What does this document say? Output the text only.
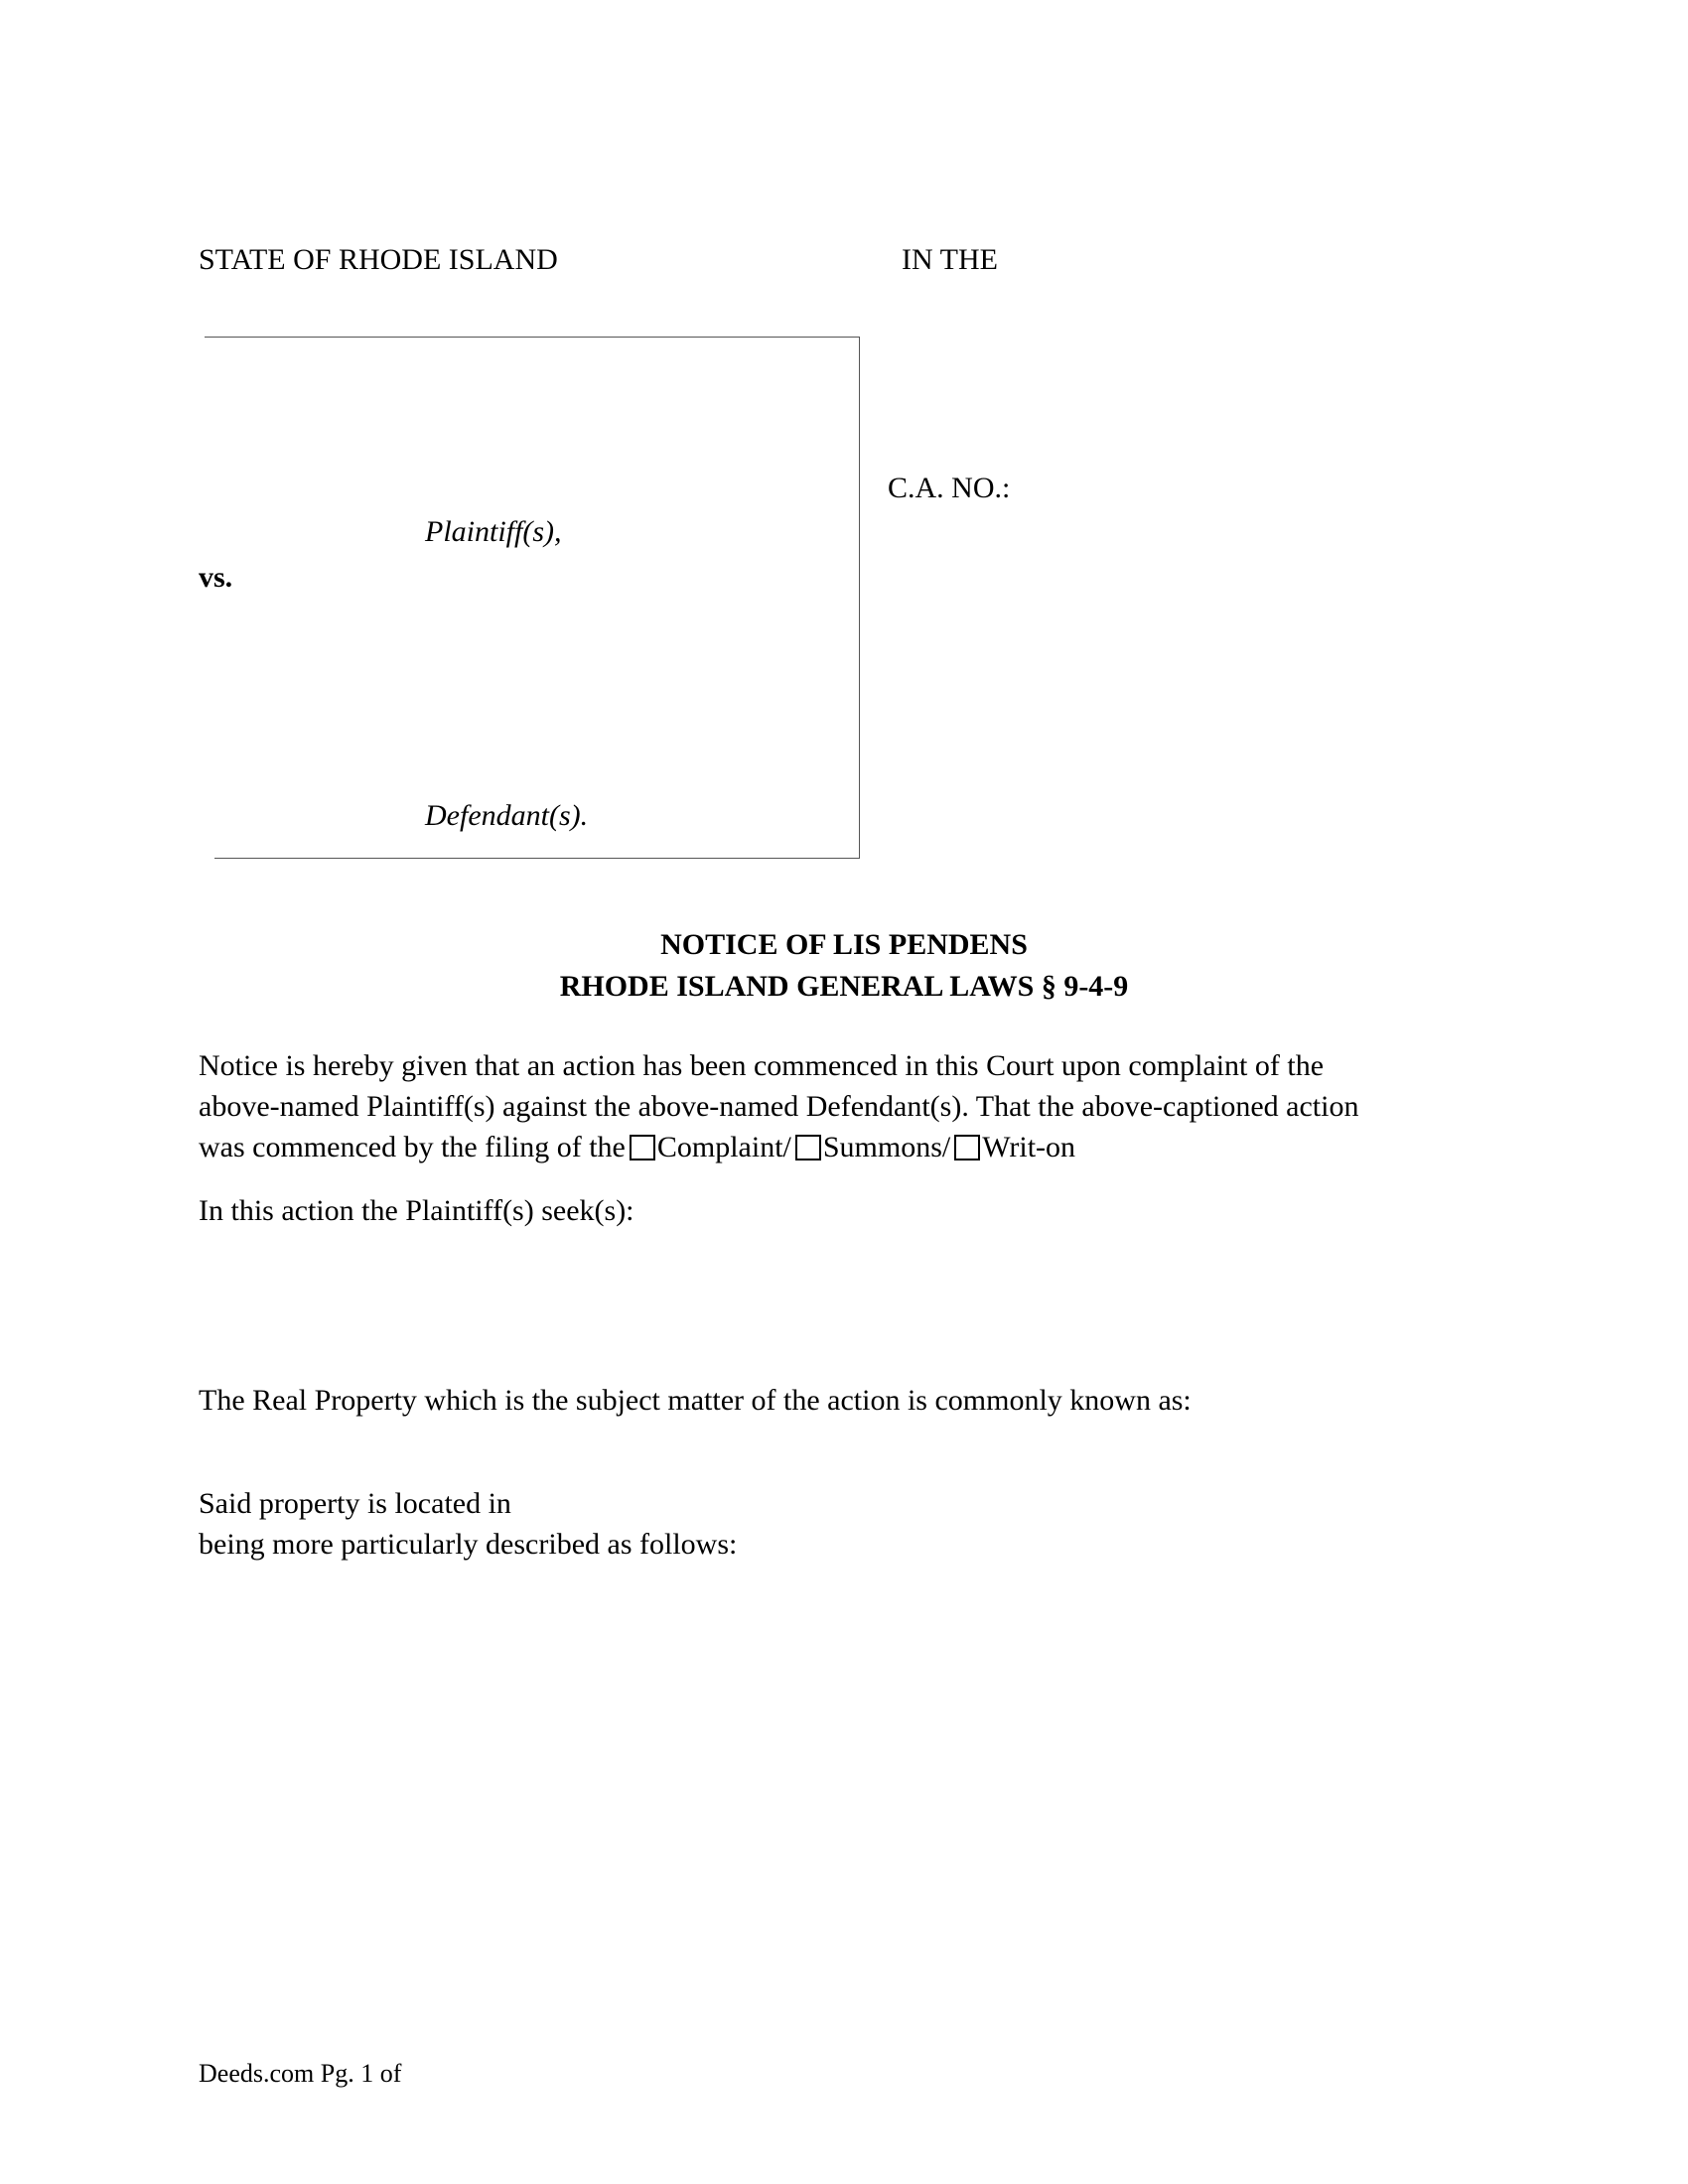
STATE OF RHODE ISLAND	IN THE
C.A. NO.:
Plaintiff(s),
vs.
Defendant(s).
NOTICE OF LIS PENDENS
RHODE ISLAND GENERAL LAWS § 9-4-9
Notice is hereby given that an action has been commenced in this Court upon complaint of the
above-named Plaintiff(s) against the above-named Defendant(s). That the above-captioned action
was commenced by the filing of the Complaint/ Summons/ Writ-on
In this action the Plaintiff(s) seek(s):
The Real Property which is the subject matter of the action is commonly known as:
Said property is located in
being more particularly described as follows:
Deeds.com Pg. 1 of
